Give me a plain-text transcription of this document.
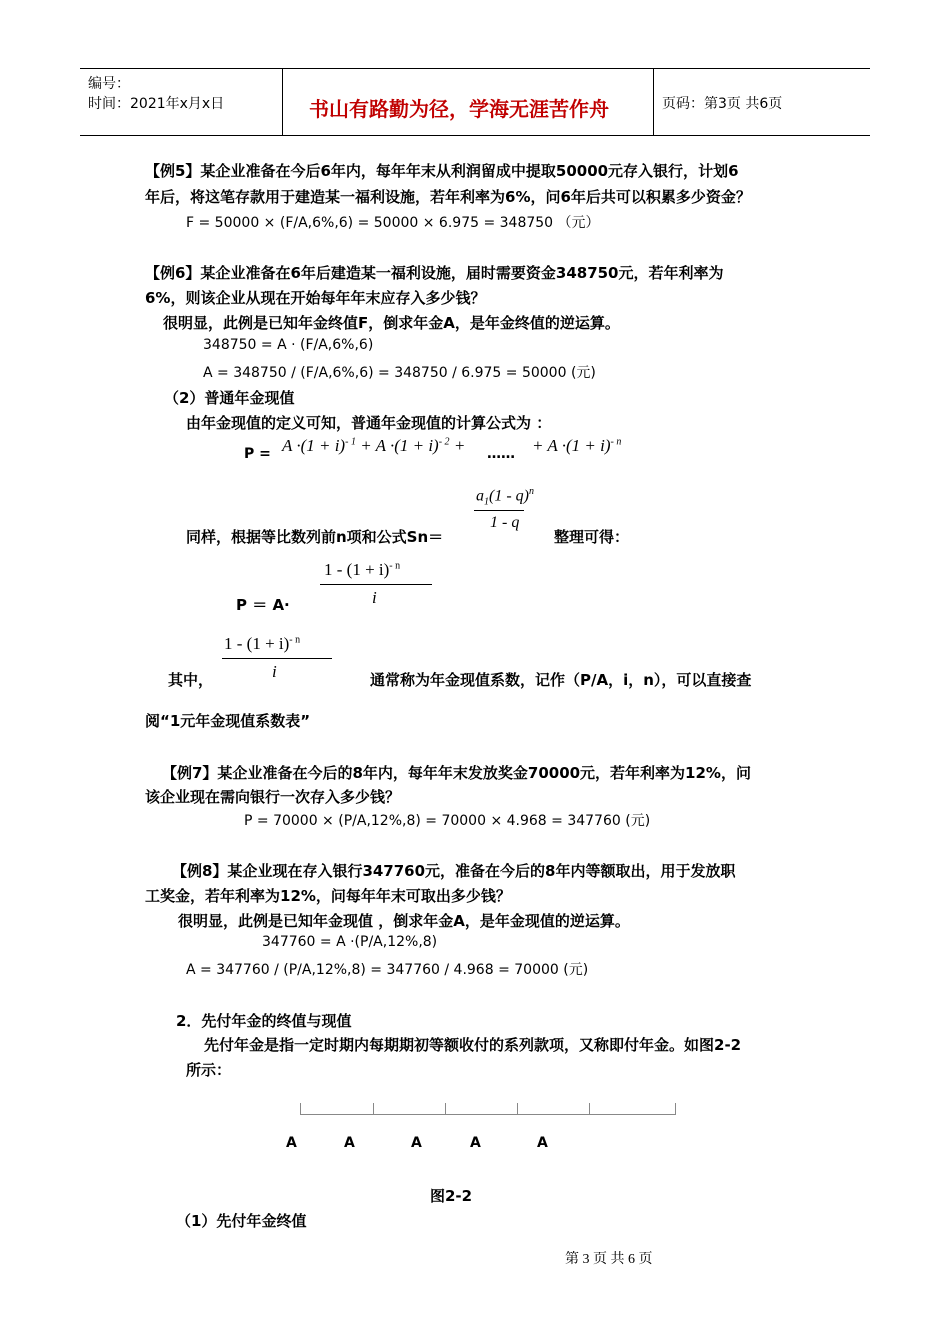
编号：
时间：2021年x月x日	书山有路勤为径，学海无涯苦作舟	页码：第3页 共6页
【例5】某企业准备在今后6年内，每年年末从利润留成中提取50000元存入银行，计划6
年后，将这笔存款用于建造某一福利设施，若年利率为6%，问6年后共可以积累多少资金？
F = 50000 × (F/A,6%,6) = 50000 × 6.975 = 348750 （元）
【例6】某企业准备在6年后建造某一福利设施，届时需要资金348750元，若年利率为
6%，则该企业从现在开始每年年末应存入多少钱？
很明显，此例是已知年金终值F，倒求年金A，是年金终值的逆运算。
348750 = A · (F/A,6%,6)
A = 348750 / (F/A,6%,6) = 348750 / 6.975 = 50000 (元)
（2）普通年金现值
由年金现值的定义可知，普通年金现值的计算公式为 ：
$P = A \cdot(1 + i)^{- 1} + A \cdot(1 + i)^{- 2}$ + …… + $A \cdot(1 + i)^{- n}$
$a_1(1 - q)^n$
1 - q
同样，根据等比数列前n项和公式Sn＝	整理可得：
$1 - (1 + i)^{- n}$
i
P ＝ A·
$1 - (1 + i)^{- n}$
i
其中，	通常称为年金现值系数，记作（P/A，i，n），可以直接查
阅“1元年金现值系数表”
【例7】某企业准备在今后的8年内，每年年末发放奖金70000元，若年利率为12%，问
该企业现在需向银行一次存入多少钱？
P = 70000 × (P/A,12%,8) = 70000 × 4.968 = 347760 (元)
【例8】某企业现在存入银行347760元，准备在今后的8年内等额取出，用于发放职
工奖金，若年利率为12%，问每年年末可取出多少钱？
很明显，此例是已知年金现值 ，倒求年金A，是年金现值的逆运算。
347760 = A ·(P/A,12%,8)
A = 347760 / (P/A,12%,8) = 347760 / 4.968 = 70000 (元)
2．先付年金的终值与现值
先付年金是指一定时期内每期期初等额收付的系列款项，又称即付年金。如图2-2
所示：
A	A	A	A	A
图2-2
（1）先付年金终值
第 3 页 共 6 页
